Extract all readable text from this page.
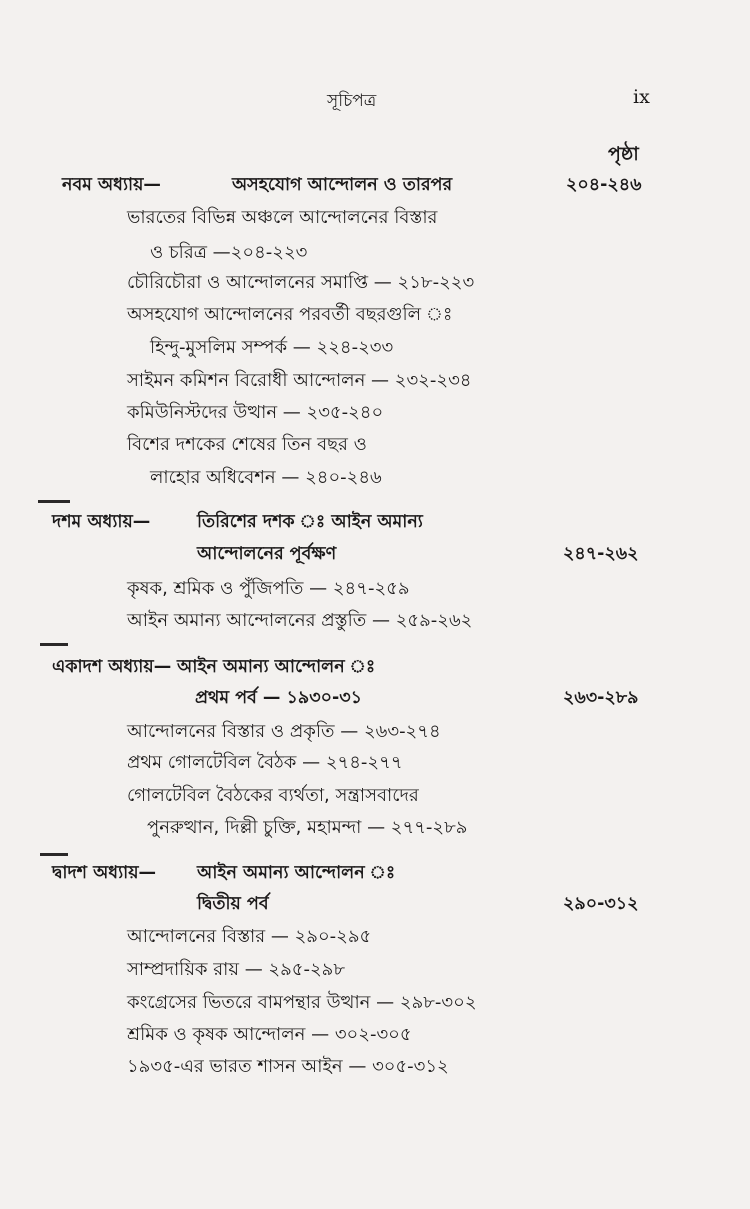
সূচিপত্র	ix
পৃষ্ঠা
নবম অধ্যায়—	অসহযোগ আন্দোলন ও তারপর	২০৪-২৪৬
ভারতের বিভিন্ন অঞ্চলে আন্দোলনের বিস্তার
ও চরিত্র —২০৪-২২৩
চৌরিচৌরা ও আন্দোলনের সমাপ্তি — ২১৮-২২৩
অসহযোগ আন্দোলনের পরবর্তী বছরগুলি ঃ
হিন্দু-মুসলিম সম্পর্ক — ২২৪-২৩৩
সাইমন কমিশন বিরোধী আন্দোলন — ২৩২-২৩৪
কমিউনিস্টদের উত্থান — ২৩৫-২৪০
বিশের দশকের শেষের তিন বছর ও
লাহোর অধিবেশন — ২৪০-২৪৬
দশম অধ্যায়—	তিরিশের দশক ঃ আইন অমান্য
আন্দোলনের পূর্বক্ষণ	২৪৭-২৬২
কৃষক, শ্রমিক ও পুঁজিপতি — ২৪৭-২৫৯
আইন অমান্য আন্দোলনের প্রস্তুতি — ২৫৯-২৬২
একাদশ অধ্যায়— আইন অমান্য আন্দোলন ঃ
প্রথম পর্ব — ১৯৩০-৩১	২৬৩-২৮৯
আন্দোলনের বিস্তার ও প্রকৃতি — ২৬৩-২৭৪
প্রথম গোলটেবিল বৈঠক — ২৭৪-২৭৭
গোলটেবিল বৈঠকের ব্যর্থতা, সন্ত্রাসবাদের
পুনরুত্থান, দিল্লী চুক্তি, মহামন্দা — ২৭৭-২৮৯
দ্বাদশ অধ্যায়— আইন অমান্য আন্দোলন ঃ
দ্বিতীয় পর্ব	২৯০-৩১২
আন্দোলনের বিস্তার — ২৯০-২৯৫
সাম্প্রদায়িক রায় — ২৯৫-২৯৮
কংগ্রেসের ভিতরে বামপন্থার উত্থান — ২৯৮-৩০২
শ্রমিক ও কৃষক আন্দোলন — ৩০২-৩০৫
১৯৩৫-এর ভারত শাসন আইন — ৩০৫-৩১২
